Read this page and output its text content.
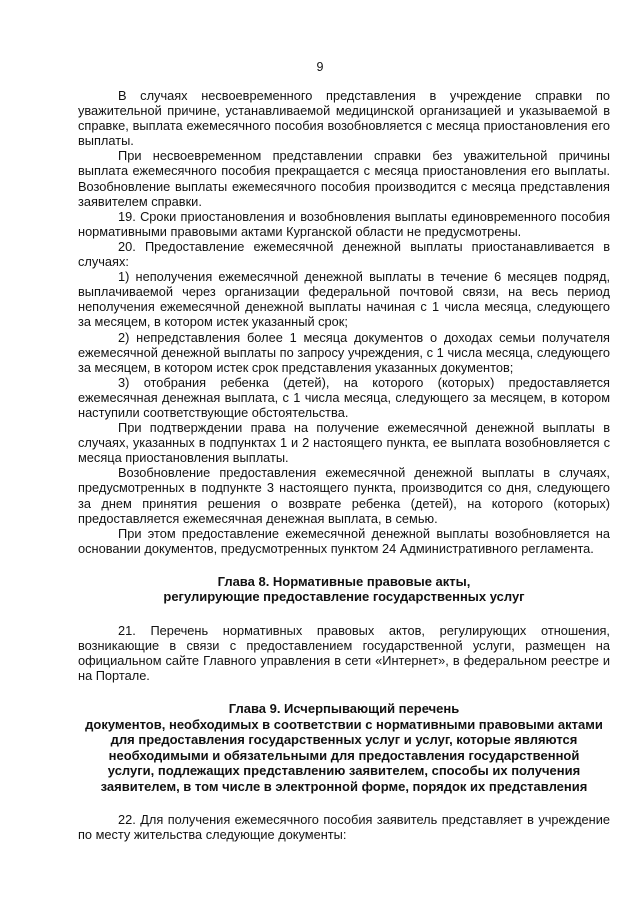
9

В случаях несвоевременного представления в учреждение справки по уважительной причине, устанавливаемой медицинской организацией и указываемой в справке, выплата ежемесячного пособия возобновляется с месяца приостановления его выплаты.

При несвоевременном представлении справки без уважительной причины выплата ежемесячного пособия прекращается с месяца приостановления его выплаты. Возобновление выплаты ежемесячного пособия производится с месяца представления заявителем справки.

19. Сроки приостановления и возобновления выплаты единовременного пособия нормативными правовыми актами Курганской области не предусмотрены.

20. Предоставление ежемесячной денежной выплаты приостанавливается в случаях:

1) неполучения ежемесячной денежной выплаты в течение 6 месяцев подряд, выплачиваемой через организации федеральной почтовой связи, на весь период неполучения ежемесячной денежной выплаты начиная с 1 числа месяца, следующего за месяцем, в котором истек указанный срок;

2) непредставления более 1 месяца документов о доходах семьи получателя ежемесячной денежной выплаты по запросу учреждения, с 1 числа месяца, следующего за месяцем, в котором истек срок представления указанных документов;

3) отобрания ребенка (детей), на которого (которых) предоставляется ежемесячная денежная выплата, с 1 числа месяца, следующего за месяцем, в котором наступили соответствующие обстоятельства.

При подтверждении права на получение ежемесячной денежной выплаты в случаях, указанных в подпунктах 1 и 2 настоящего пункта, ее выплата возобновляется с месяца приостановления выплаты.

Возобновление предоставления ежемесячной денежной выплаты в случаях, предусмотренных в подпункте 3 настоящего пункта, производится со дня, следующего за днем принятия решения о возврате ребенка (детей), на которого (которых) предоставляется ежемесячная денежная выплата, в семью.

При этом предоставление ежемесячной денежной выплаты возобновляется на основании документов, предусмотренных пунктом 24 Административного регламента.

Глава 8. Нормативные правовые акты,
регулирующие предоставление государственных услуг

21. Перечень нормативных правовых актов, регулирующих отношения, возникающие в связи с предоставлением государственной услуги, размещен на официальном сайте Главного управления в сети «Интернет», в федеральном реестре и на Портале.

Глава 9. Исчерпывающий перечень
документов, необходимых в соответствии с нормативными правовыми актами
для предоставления государственных услуг и услуг, которые являются
необходимыми и обязательными для предоставления государственной
услуги, подлежащих представлению заявителем, способы их получения
заявителем, в том числе в электронной форме, порядок их представления

22. Для получения ежемесячного пособия заявитель представляет в учреждение по месту жительства следующие документы:
